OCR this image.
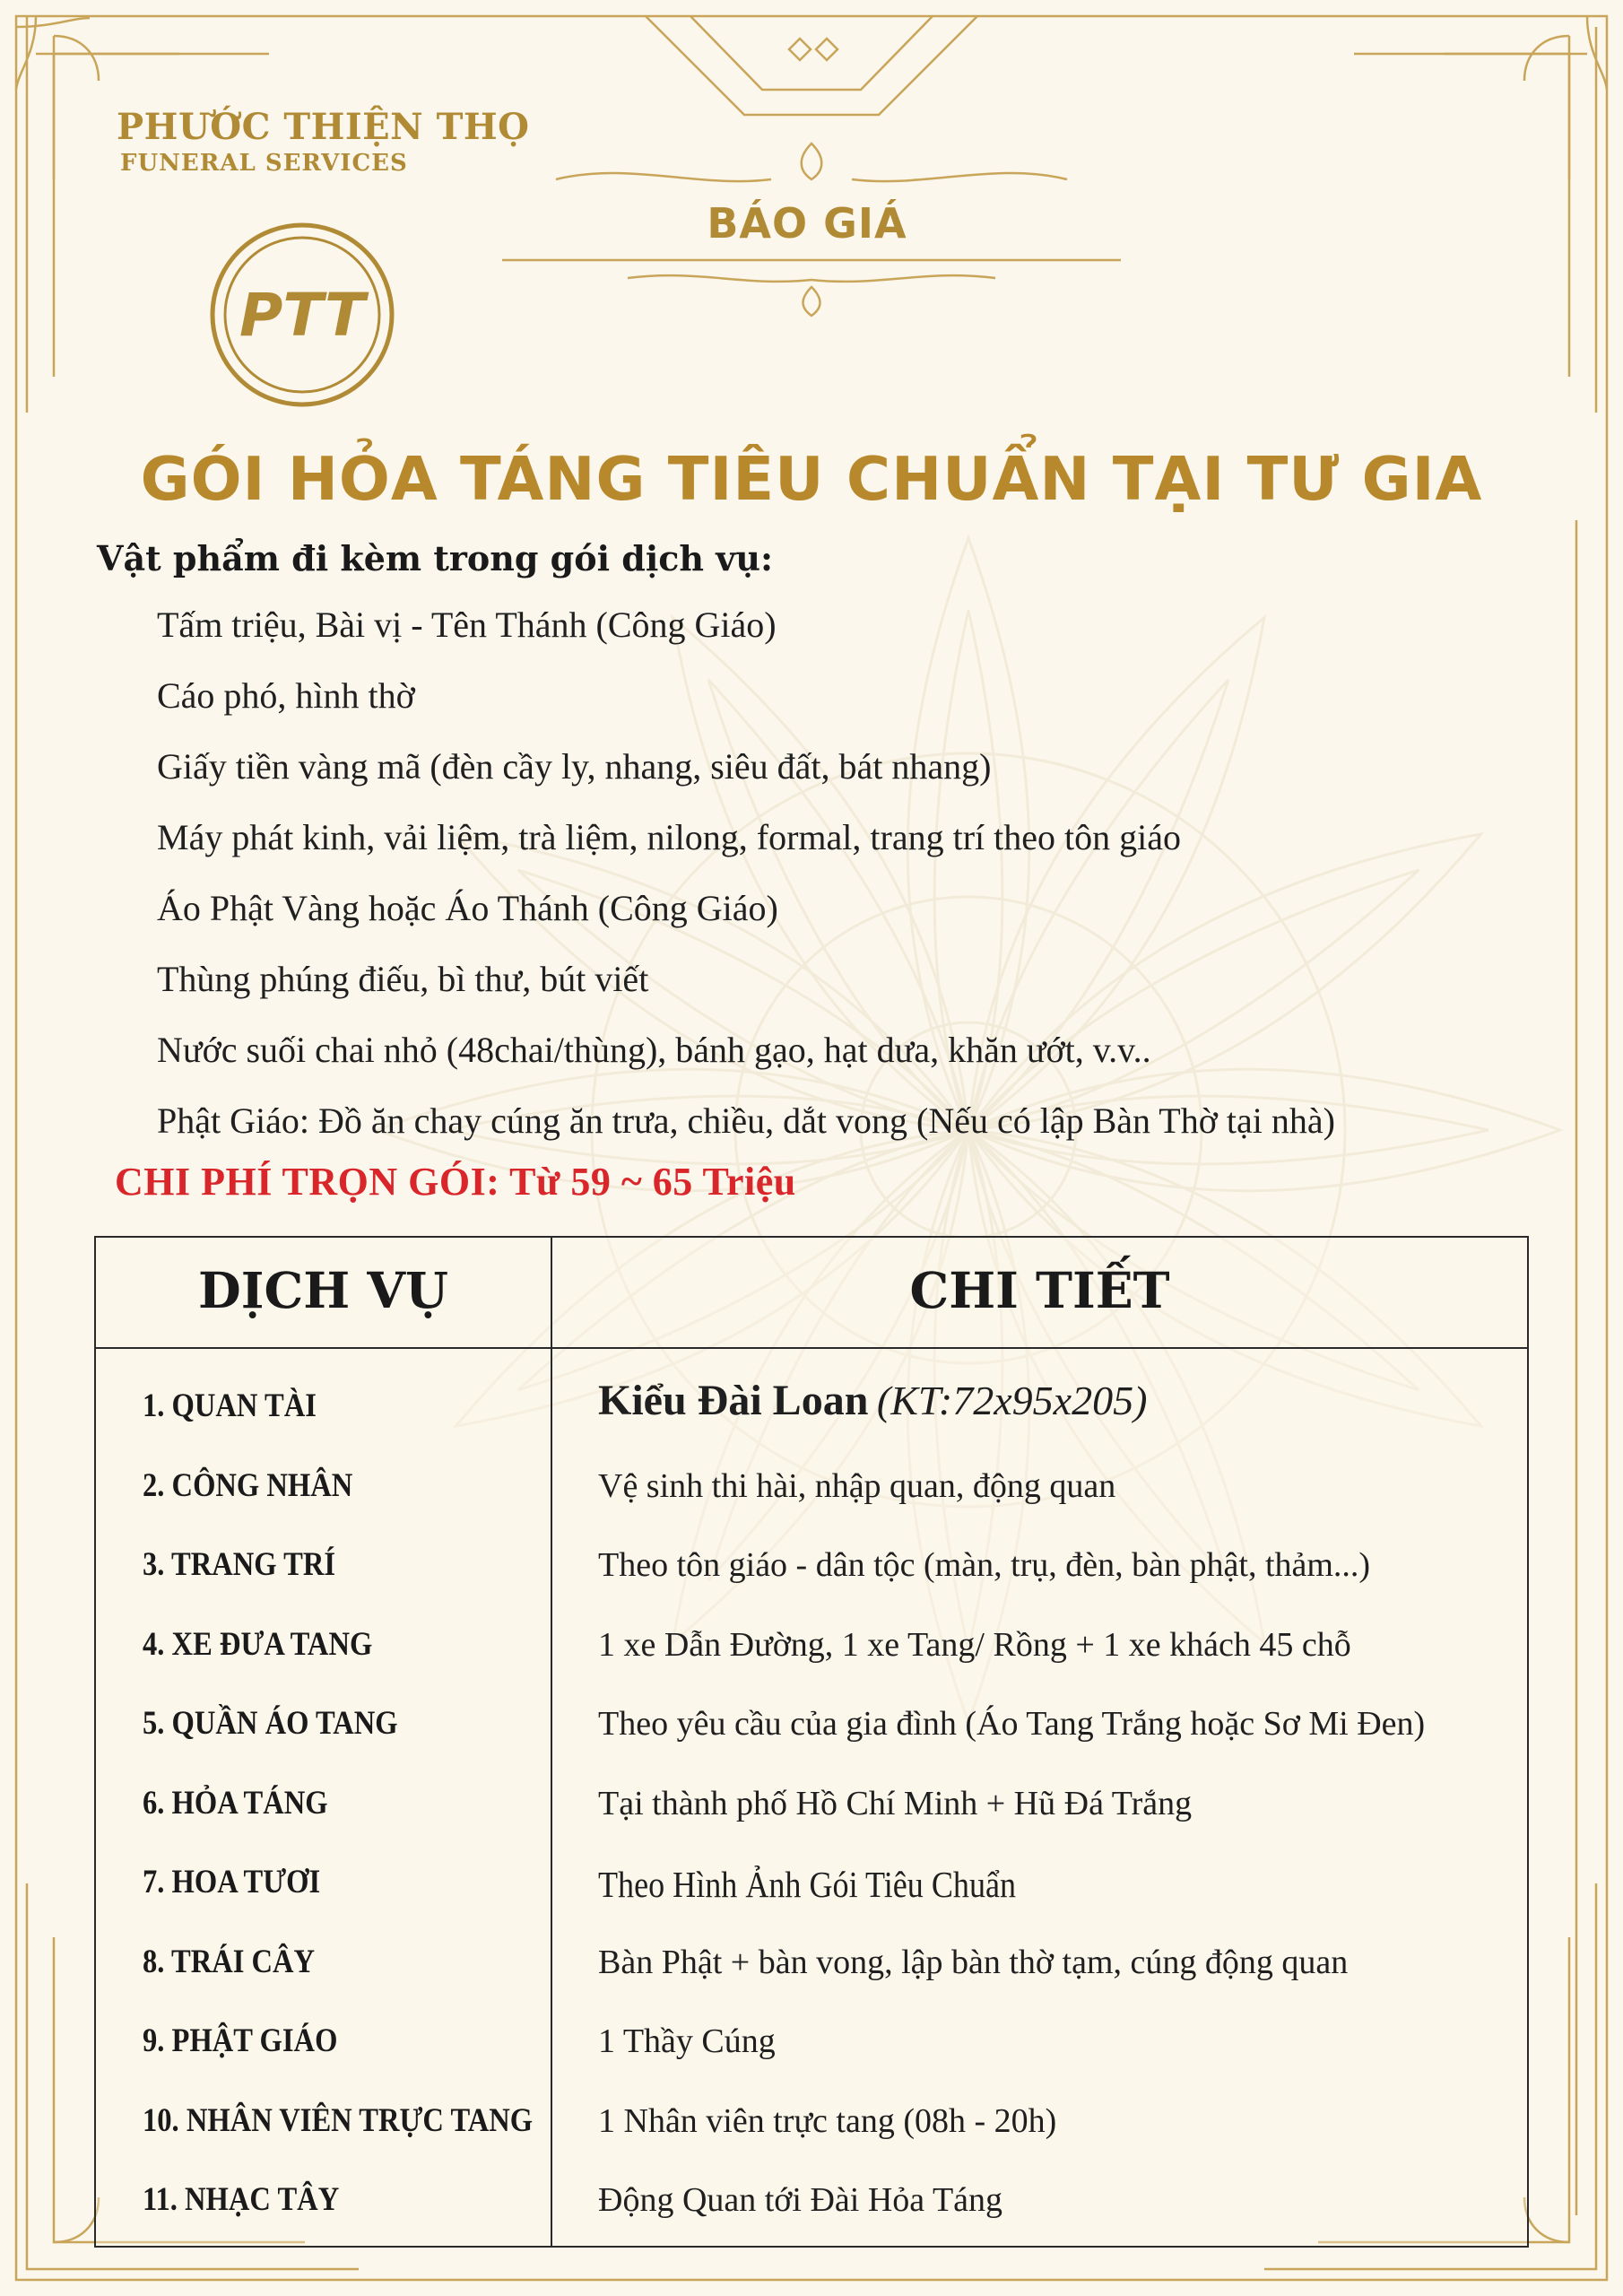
PHƯỚC THIỆN THỌ
FUNERAL SERVICES
PTT
BÁO GIÁ
GÓI HỎA TÁNG TIÊU CHUẨN TẠI TƯ GIA
Vật phẩm đi kèm trong gói dịch vụ:
Tấm triệu, Bài vị - Tên Thánh (Công Giáo)
Cáo phó, hình thờ
Giấy tiền vàng mã (đèn cầy ly, nhang, siêu đất, bát nhang)
Máy phát kinh, vải liệm, trà liệm, nilong, formal, trang trí theo tôn giáo
Áo Phật Vàng hoặc Áo Thánh (Công Giáo)
Thùng phúng điếu, bì thư, bút viết
Nước suối chai nhỏ (48chai/thùng), bánh gạo, hạt dưa, khăn ướt, v.v..
Phật Giáo: Đồ ăn chay cúng ăn trưa, chiều, dắt vong (Nếu có lập Bàn Thờ tại nhà)
CHI PHÍ TRỌN GÓI: Từ 59 ~ 65 Triệu
DỊCH VỤ	CHI TIẾT
1. QUAN TÀI	Kiểu Đài Loan (KT:72x95x205)
2. CÔNG NHÂN	Vệ sinh thi hài, nhập quan, động quan
3. TRANG TRÍ	Theo tôn giáo - dân tộc (màn, trụ, đèn, bàn phật, thảm...)
4. XE ĐƯA TANG	1 xe Dẫn Đường, 1 xe Tang/ Rồng + 1 xe khách 45 chỗ
5. QUẦN ÁO TANG	Theo yêu cầu của gia đình (Áo Tang Trắng hoặc Sơ Mi Đen)
6. HỎA TÁNG	Tại thành phố Hồ Chí Minh + Hũ Đá Trắng
7. HOA TƯƠI	Theo Hình Ảnh Gói Tiêu Chuẩn
8. TRÁI CÂY	Bàn Phật + bàn vong, lập bàn thờ tạm, cúng động quan
9. PHẬT GIÁO	1 Thầy Cúng
10. NHÂN VIÊN TRỰC TANG 1 Nhân viên trực tang (08h - 20h)
11. NHẠC TÂY	Động Quan tới Đài Hỏa Táng
